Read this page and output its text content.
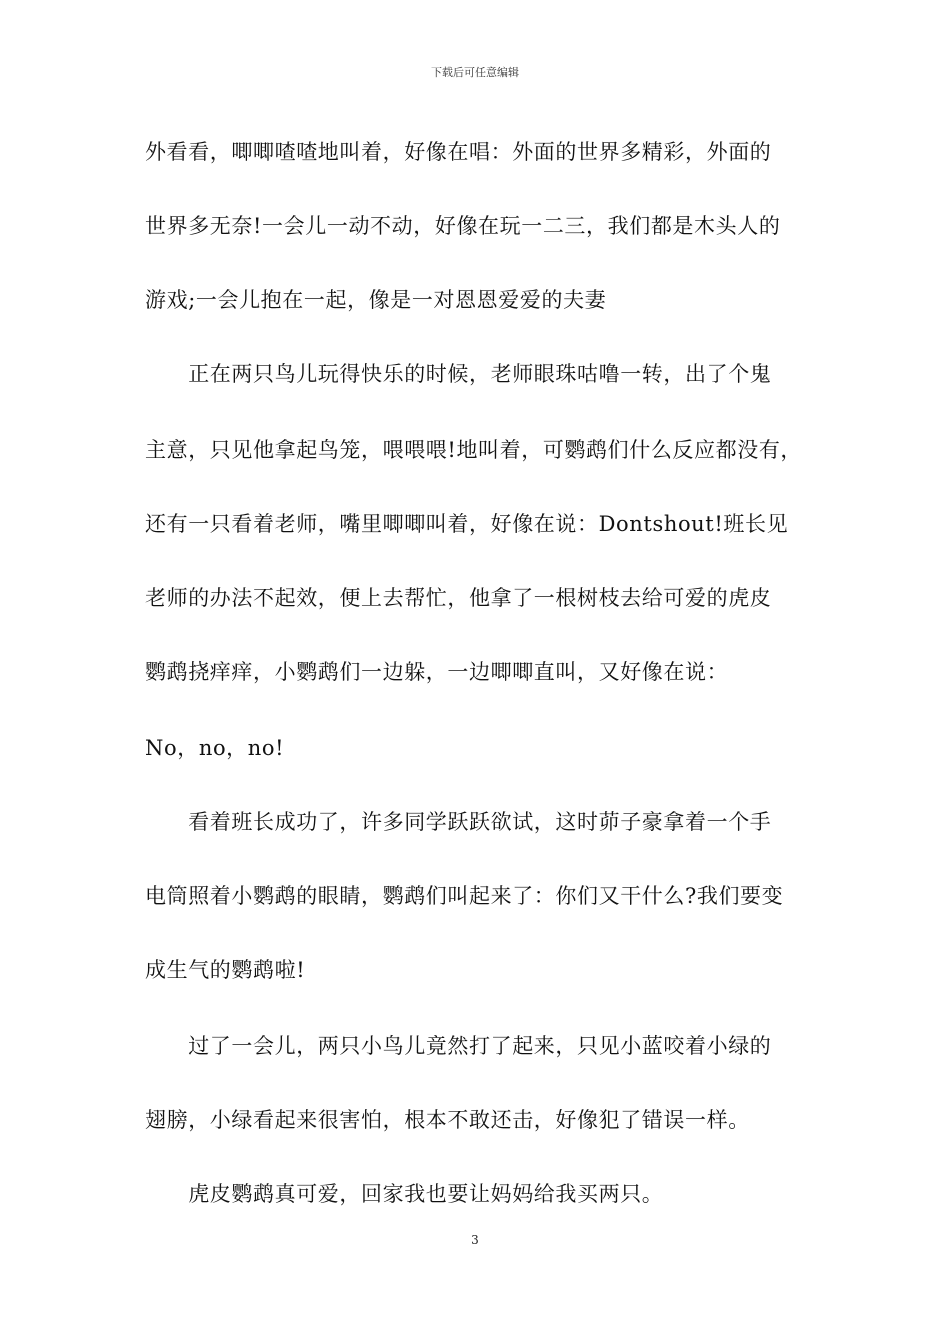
下载后可任意编辑
外看看，唧唧喳喳地叫着，好像在唱：外面的世界多精彩，外面的
世界多无奈!一会儿一动不动，好像在玩一二三，我们都是木头人的
游戏;一会儿抱在一起，像是一对恩恩爱爱的夫妻
　　正在两只鸟儿玩得快乐的时候，老师眼珠咕噜一转，出了个鬼
主意，只见他拿起鸟笼，喂喂喂!地叫着，可鹦鹉们什么反应都没有，
还有一只看着老师，嘴里唧唧叫着，好像在说：Dontshout!班长见
老师的办法不起效，便上去帮忙，他拿了一根树枝去给可爱的虎皮
鹦鹉挠痒痒，小鹦鹉们一边躲，一边唧唧直叫，又好像在说：
No，no，no!
　　看着班长成功了，许多同学跃跃欲试，这时茆子豪拿着一个手
电筒照着小鹦鹉的眼睛，鹦鹉们叫起来了：你们又干什么?我们要变
成生气的鹦鹉啦!
　　过了一会儿，两只小鸟儿竟然打了起来，只见小蓝咬着小绿的
翅膀，小绿看起来很害怕，根本不敢还击，好像犯了错误一样。
　　虎皮鹦鹉真可爱，回家我也要让妈妈给我买两只。
3
